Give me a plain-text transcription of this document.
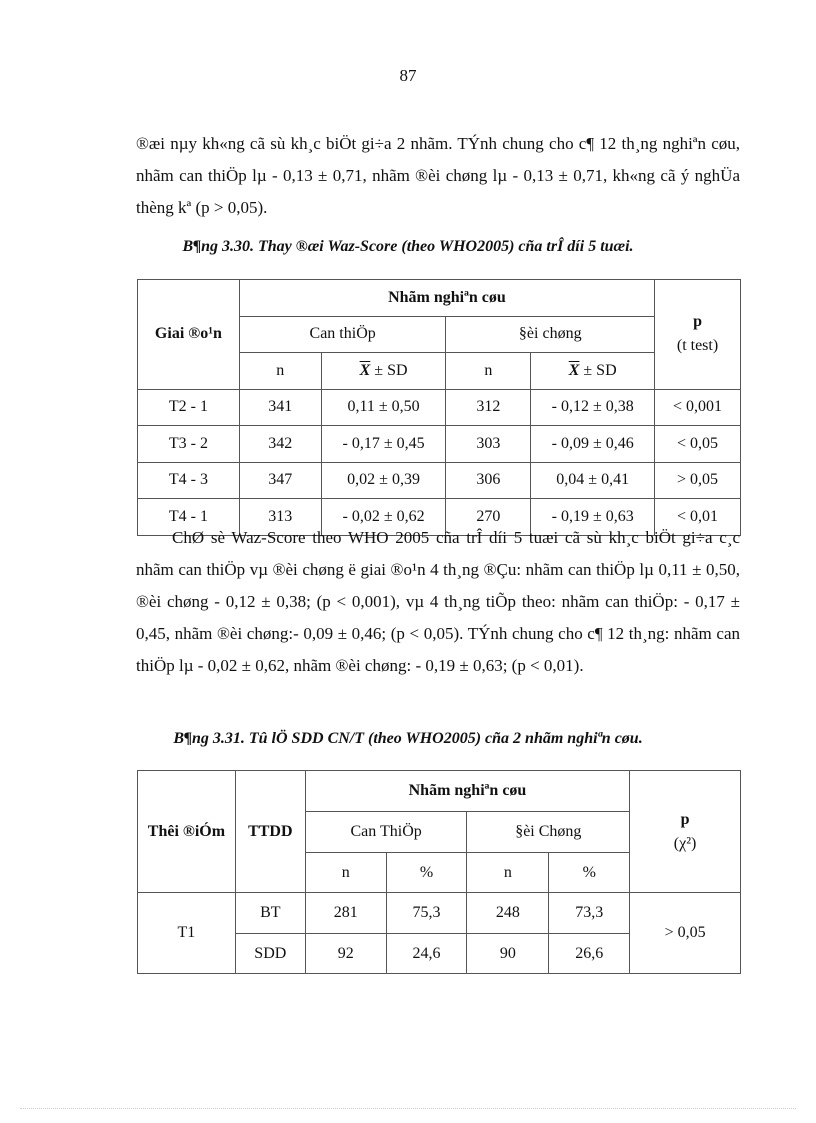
87

®æi nµy kh«ng cã sù kh¸c biÖt gi÷a 2 nhãm. TÝnh chung cho c¶ 12 th¸ng nghiªn cøu, nhãm can thiÖp lµ - 0,13 ± 0,71, nhãm ®èi chøng lµ - 0,13 ± 0,71, kh«ng cã ý nghÜa thèng kª (p > 0,05).

B¶ng 3.30. Thay ®æi Waz-Score (theo WHO2005) cña trÎ díi 5 tuæi.

Giai ®o¹n	Nhãm nghiªn cøu				p
(t test)

	Can thiÖp		§èi chøng		
	n	$\overline{X}$ ± SD	n	$\overline{X}$ ± SD	
T2 - 1	341	0,11 ± 0,50	312	- 0,12 ± 0,38	< 0,001
T3 - 2	342	- 0,17 ± 0,45	303	- 0,09 ± 0,46	< 0,05
T4 - 3	347	0,02 ± 0,39	306	0,04 ± 0,41	> 0,05
T4 - 1	313	- 0,02 ± 0,62	270	- 0,19 ± 0,63	< 0,01

ChØ sè Waz-Score theo WHO 2005 cña trÎ díi 5 tuæi cã sù kh¸c biÖt gi÷a c¸c nhãm can thiÖp vµ ®èi chøng ë giai ®o¹n 4 th¸ng ®Çu: nhãm can thiÖp lµ 0,11 ± 0,50, ®èi chøng - 0,12 ± 0,38; (p < 0,001), vµ 4 th¸ng tiÕp theo: nhãm can thiÖp: - 0,17 ± 0,45, nhãm ®èi chøng:- 0,09 ± 0,46; (p < 0,05). TÝnh chung cho c¶ 12 th¸ng: nhãm can thiÖp lµ - 0,02 ± 0,62, nhãm ®èi chøng: - 0,19 ± 0,63; (p < 0,01).

B¶ng 3.31. Tû lÖ SDD CN/T (theo WHO2005) cña 2 nhãm nghiªn cøu.

Thêi ®iÓm	TTDD	Nhãm nghiªn cøu				p
(χ²)

		Can ThiÖp		§èi Chøng		
		n	%	n	%	
T1	BT	281	75,3	248	73,3	> 0,05
	SDD	92	24,6	90	26,6	
